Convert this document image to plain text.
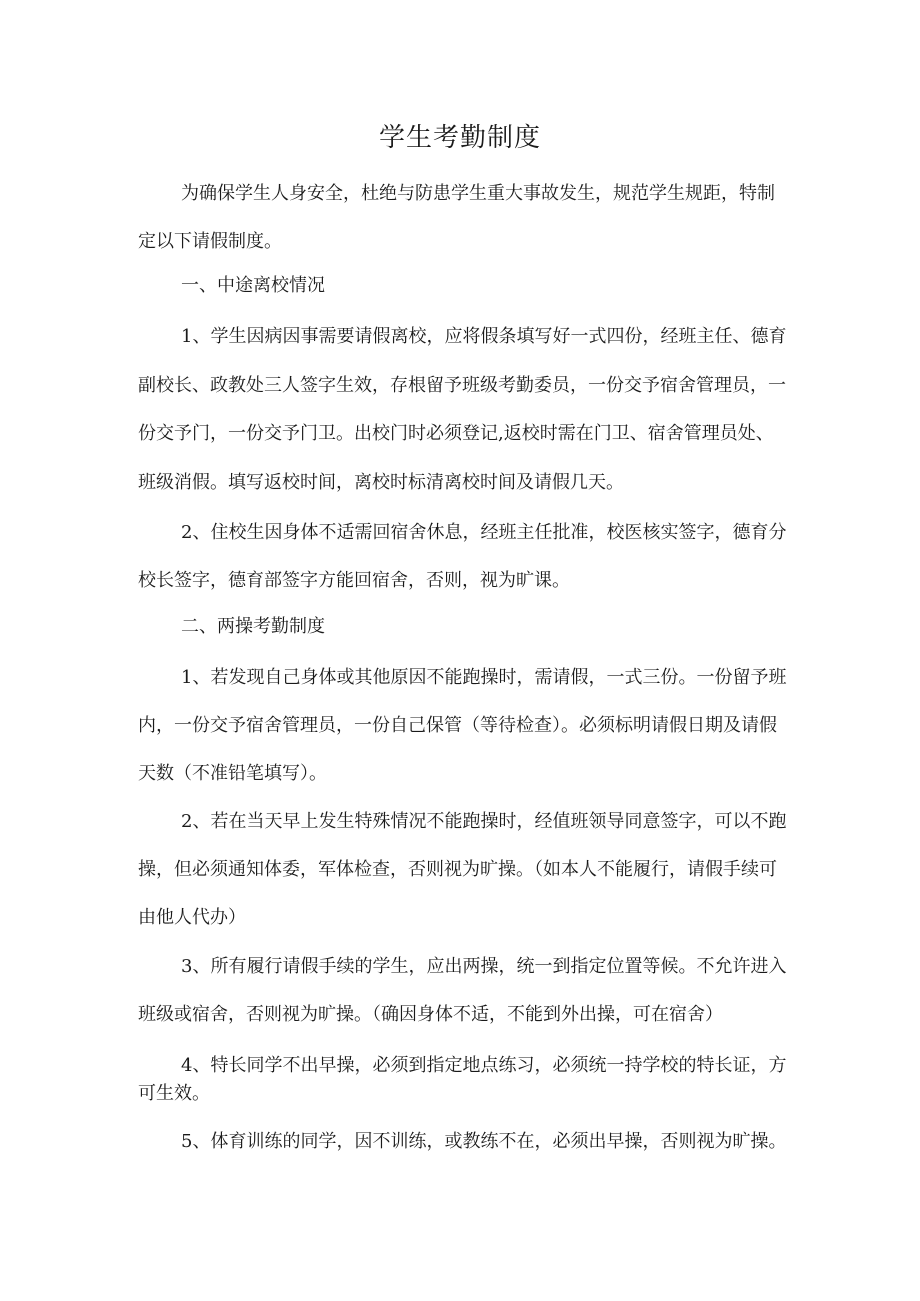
学生考勤制度

为确保学生人身安全，杜绝与防患学生重大事故发生，规范学生规距，特制定以下请假制度。

一、中途离校情况

1、学生因病因事需要请假离校，应将假条填写好一式四份，经班主任、德育副校长、政教处三人签字生效，存根留予班级考勤委员，一份交予宿舍管理员，一份交予门，一份交予门卫。出校门时必须登记,返校时需在门卫、宿舍管理员处、班级消假。填写返校时间，离校时标清离校时间及请假几天。

2、住校生因身体不适需回宿舍休息，经班主任批准，校医核实签字，德育分校长签字，德育部签字方能回宿舍，否则，视为旷课。

二、两操考勤制度

1、若发现自己身体或其他原因不能跑操时，需请假，一式三份。一份留予班内，一份交予宿舍管理员，一份自己保管（等待检查）。必须标明请假日期及请假天数（不准铅笔填写）。

2、若在当天早上发生特殊情况不能跑操时，经值班领导同意签字，可以不跑操，但必须通知体委，军体检查，否则视为旷操。（如本人不能履行，请假手续可由他人代办）

3、所有履行请假手续的学生，应出两操，统一到指定位置等候。不允许进入班级或宿舍，否则视为旷操。（确因身体不适，不能到外出操，可在宿舍）

4、特长同学不出早操，必须到指定地点练习，必须统一持学校的特长证，方可生效。

5、体育训练的同学，因不训练，或教练不在，必须出早操，否则视为旷操。
